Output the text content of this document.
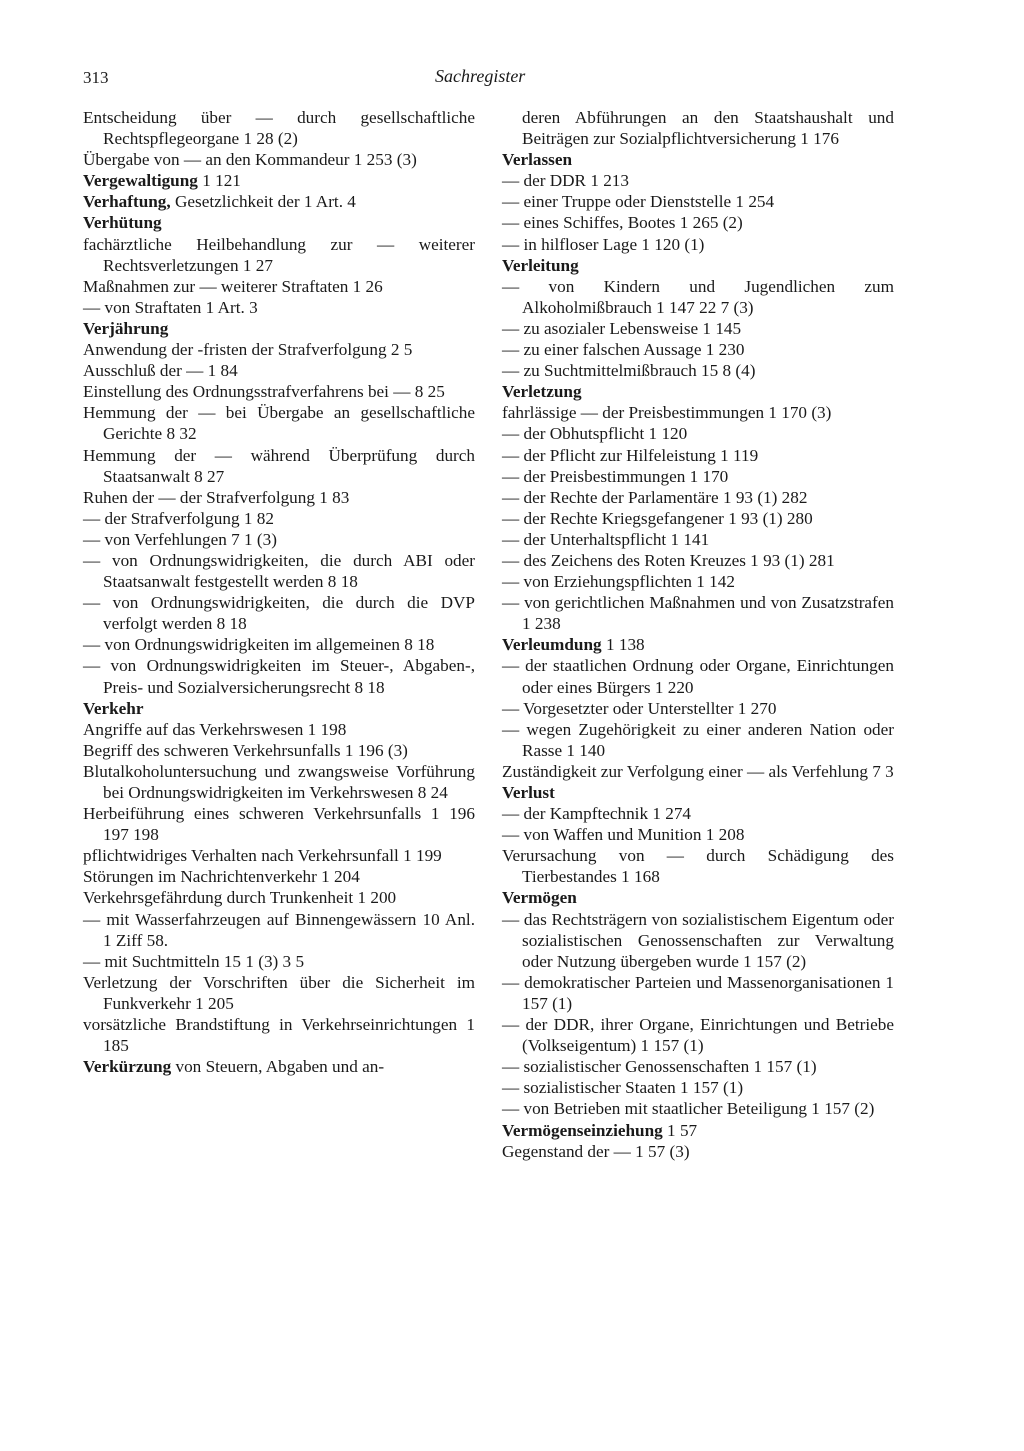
313	Sachregister
Entscheidung über — durch gesellschaftliche Rechtspflegeorgane 1 28 (2)
Übergabe von — an den Kommandeur 1 253 (3)
Vergewaltigung 1 121
Verhaftung, Gesetzlichkeit der 1 Art. 4
Verhütung
fachärztliche Heilbehandlung zur — weiterer Rechtsverletzungen 1 27
Maßnahmen zur — weiterer Straftaten 1 26
— von Straftaten 1 Art. 3
Verjährung
Anwendung der -fristen der Strafverfolgung 2 5
Ausschluß der — 1 84
Einstellung des Ordnungsstrafverfahrens bei — 8 25
Hemmung der — bei Übergabe an gesellschaftliche Gerichte 8 32
Hemmung der — während Überprüfung durch Staatsanwalt 8 27
Ruhen der — der Strafverfolgung 1 83
— der Strafverfolgung 1 82
— von Verfehlungen 7 1 (3)
— von Ordnungswidrigkeiten, die durch ABI oder Staatsanwalt festgestellt werden 8 18
— von Ordnungswidrigkeiten, die durch die DVP verfolgt werden 8 18
— von Ordnungswidrigkeiten im allgemeinen 8 18
— von Ordnungswidrigkeiten im Steuer-, Abgaben-, Preis- und Sozialversicherungsrecht 8 18
Verkehr
Angriffe auf das Verkehrswesen 1 198
Begriff des schweren Verkehrsunfalls 1 196 (3)
Blutalkoholuntersuchung und zwangsweise Vorführung bei Ordnungswidrigkeiten im Verkehrswesen 8 24
Herbeiführung eines schweren Verkehrsunfalls 1 196 197 198
pflichtwidriges Verhalten nach Verkehrsunfall 1 199
Störungen im Nachrichtenverkehr 1 204
Verkehrsgefährdung durch Trunkenheit 1 200
— mit Wasserfahrzeugen auf Binnengewässern 10 Anl. 1 Ziff 58.
— mit Suchtmitteln 15 1 (3) 3 5
Verletzung der Vorschriften über die Sicherheit im Funkverkehr 1 205
vorsätzliche Brandstiftung in Verkehrseinrichtungen 1 185
Verkürzung von Steuern, Abgaben und an-
deren Abführungen an den Staatshaushalt und Beiträgen zur Sozialpflichtversicherung 1 176
Verlassen
— der DDR 1 213
— einer Truppe oder Dienststelle 1 254
— eines Schiffes, Bootes 1 265 (2)
— in hilfloser Lage 1 120 (1)
Verleitung
— von Kindern und Jugendlichen zum Alkoholmißbrauch 1 147 22 7 (3)
— zu asozialer Lebensweise 1 145
— zu einer falschen Aussage 1 230
— zu Suchtmittelmißbrauch 15 8 (4)
Verletzung
fahrlässige — der Preisbestimmungen 1 170 (3)
— der Obhutspflicht 1 120
— der Pflicht zur Hilfeleistung 1 119
— der Preisbestimmungen 1 170
— der Rechte der Parlamentäre 1 93 (1) 282
— der Rechte Kriegsgefangener 1 93 (1) 280
— der Unterhaltspflicht 1 141
— des Zeichens des Roten Kreuzes 1 93 (1) 281
— von Erziehungspflichten 1 142
— von gerichtlichen Maßnahmen und von Zusatzstrafen 1 238
Verleumdung 1 138
— der staatlichen Ordnung oder Organe, Einrichtungen oder eines Bürgers 1 220
— Vorgesetzter oder Unterstellter 1 270
— wegen Zugehörigkeit zu einer anderen Nation oder Rasse 1 140
Zuständigkeit zur Verfolgung einer — als Verfehlung 7 3
Verlust
— der Kampftechnik 1 274
— von Waffen und Munition 1 208
Verursachung von — durch Schädigung des Tierbestandes 1 168
Vermögen
— das Rechtsträgern von sozialistischem Eigentum oder sozialistischen Genossenschaften zur Verwaltung oder Nutzung übergeben wurde 1 157 (2)
— demokratischer Parteien und Massenorganisationen 1 157 (1)
— der DDR, ihrer Organe, Einrichtungen und Betriebe (Volkseigentum) 1 157 (1)
— sozialistischer Genossenschaften 1 157 (1)
— sozialistischer Staaten 1 157 (1)
— von Betrieben mit staatlicher Beteiligung 1 157 (2)
Vermögenseinziehung 1 57
Gegenstand der — 1 57 (3)
